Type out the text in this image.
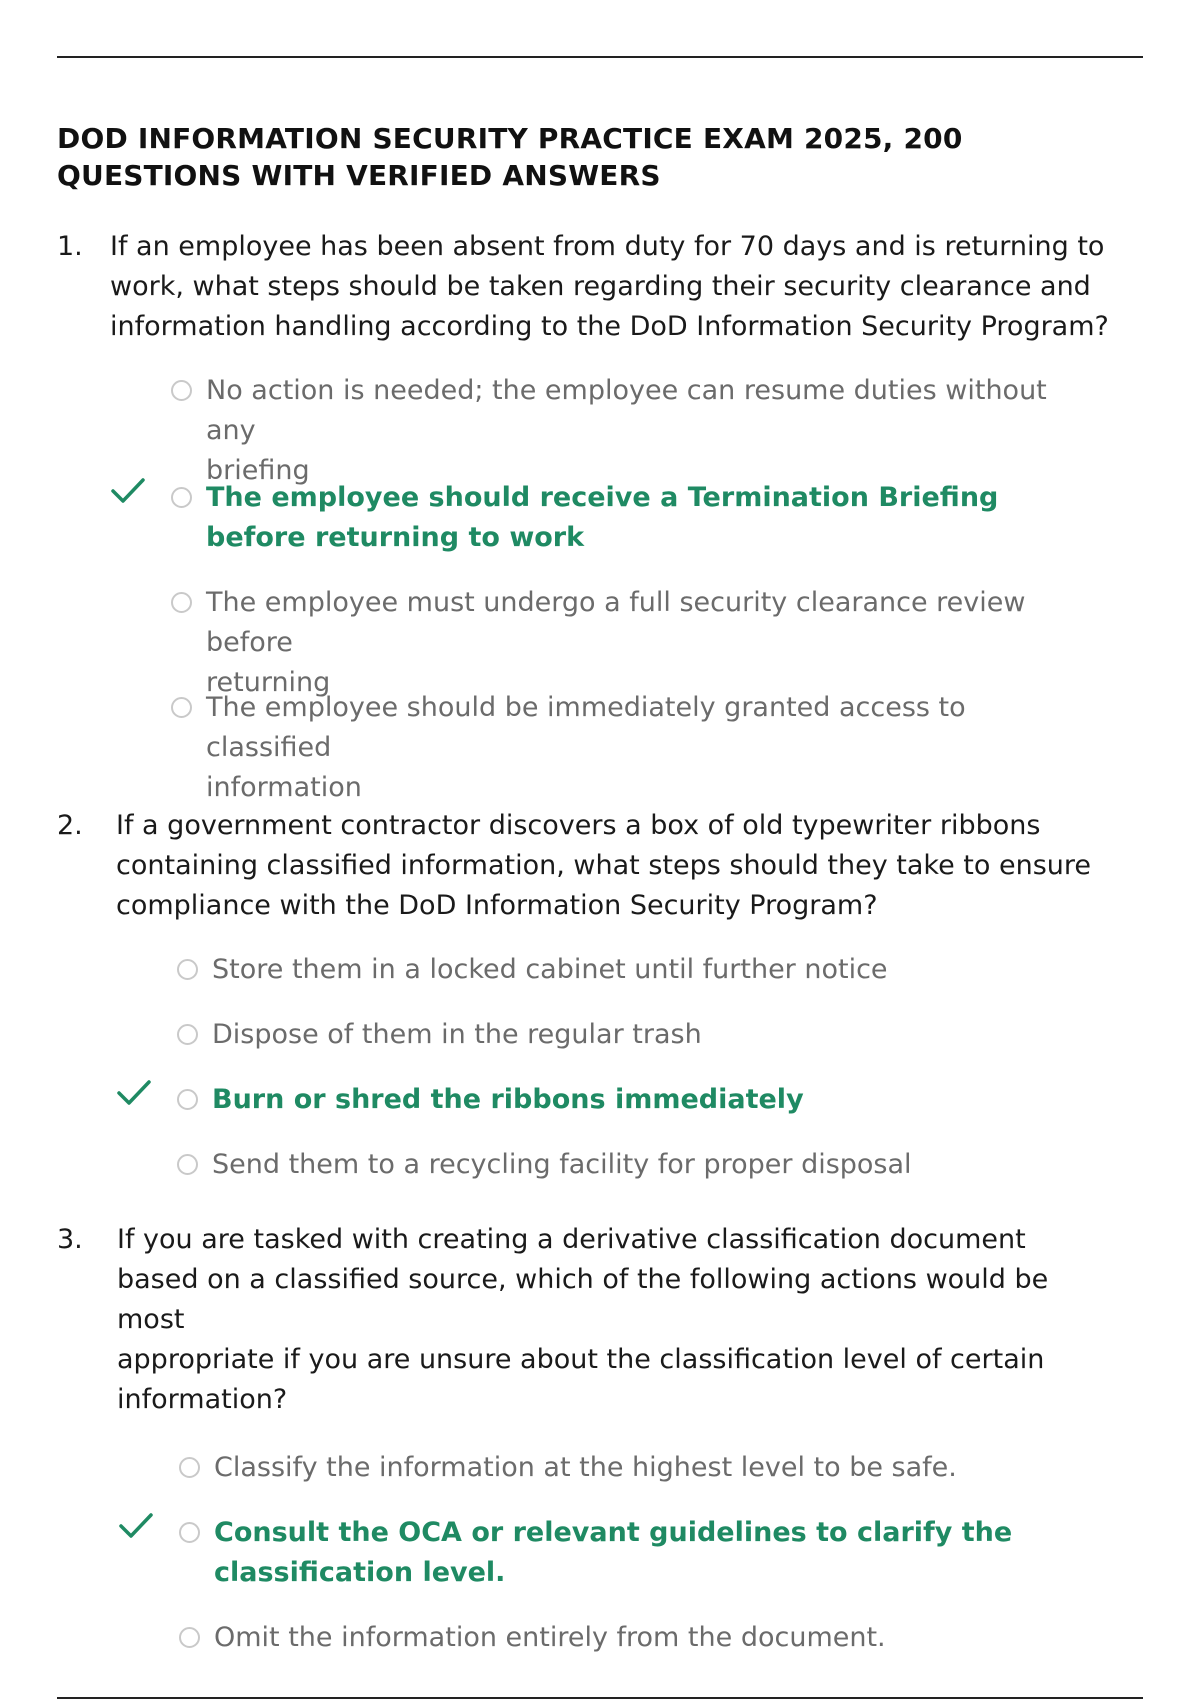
DOD INFORMATION SECURITY PRACTICE EXAM 2025, 200
QUESTIONS WITH VERIFIED ANSWERS
1. If an employee has been absent from duty for 70 days and is returning to
work, what steps should be taken regarding their security clearance and
information handling according to the DoD Information Security Program?
No action is needed; the employee can resume duties without any
briefing
The employee should receive a Termination Briefing
before returning to work
The employee must undergo a full security clearance review before
returning
The employee should be immediately granted access to classified
information
2. If a government contractor discovers a box of old typewriter ribbons
containing classified information, what steps should they take to ensure
compliance with the DoD Information Security Program?
Store them in a locked cabinet until further notice
Dispose of them in the regular trash
Burn or shred the ribbons immediately
Send them to a recycling facility for proper disposal
3. If you are tasked with creating a derivative classification document
based on a classified source, which of the following actions would be
most
appropriate if you are unsure about the classification level of certain
information?
Classify the information at the highest level to be safe.
Consult the OCA or relevant guidelines to clarify the
classification level.
Omit the information entirely from the document.
